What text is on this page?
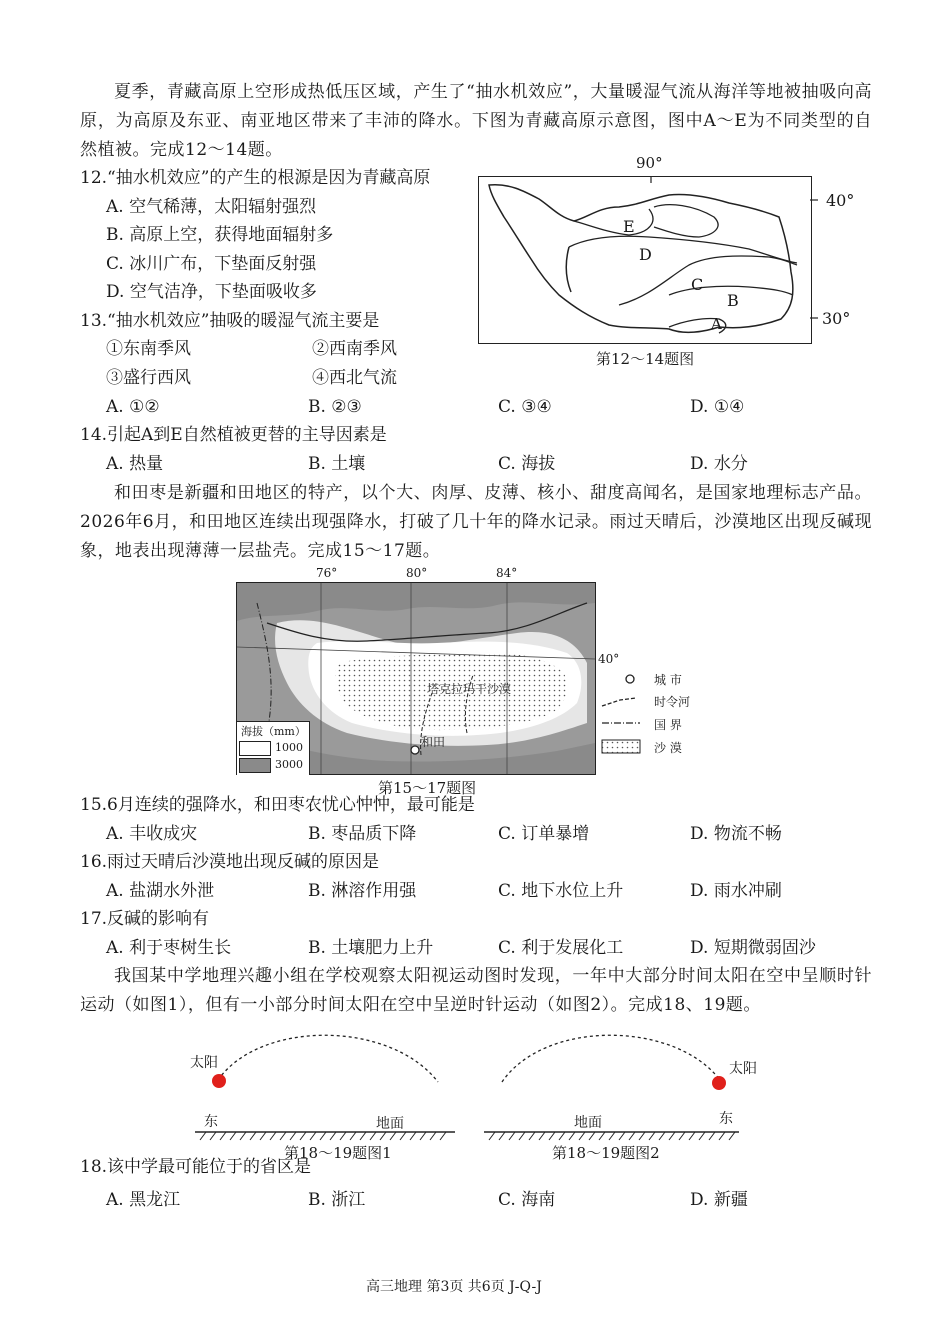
夏季，青藏高原上空形成热低压区域，产生了“抽水机效应”，大量暖湿气流从海洋等地被抽吸向高原，为高原及东亚、南亚地区带来了丰沛的降水。下图为青藏高原示意图，图中A～E为不同类型的自然植被。完成12～14题。
12.“抽水机效应”的产生的根源是因为青藏高原
A. 空气稀薄，太阳辐射强烈
B. 高原上空，获得地面辐射多
C. 冰川广布，下垫面反射强
D. 空气洁净，下垫面吸收多
13.“抽水机效应”抽吸的暖湿气流主要是
①东南季风	②西南季风
③盛行西风	④西北气流
A. ①②	B. ②③	C. ③④	D. ①④
14.引起A到E自然植被更替的主导因素是
A. 热量	B. 土壤	C. 海拔	D. 水分
90°
E
D
C
B
A
40°
30°
第12～14题图
和田枣是新疆和田地区的特产，以个大、肉厚、皮薄、核小、甜度高闻名，是国家地理标志产品。2026年6月，和田地区连续出现强降水，打破了几十年的降水记录。雨过天晴后，沙漠地区出现反碱现象，地表出现薄薄一层盐壳。完成15～17题。
76°	80°	84°
塔克拉玛干沙漠
和田
海拔（mm）
1000
3000
40°
城 市
时令河
国 界
沙 漠
第15～17题图
15.6月连续的强降水，和田枣农忧心忡忡，最可能是
A. 丰收成灾	B. 枣品质下降	C. 订单暴增	D. 物流不畅
16.雨过天晴后沙漠地出现反碱的原因是
A. 盐湖水外泄	B. 淋溶作用强	C. 地下水位上升	D. 雨水冲刷
17.反碱的影响有
A. 利于枣树生长	B. 土壤肥力上升	C. 利于发展化工	D. 短期微弱固沙
我国某中学地理兴趣小组在学校观察太阳视运动图时发现，一年中大部分时间太阳在空中呈顺时针运动（如图1），但有一小部分时间太阳在空中呈逆时针运动（如图2）。完成18、19题。
太阳
东	地面
第18～19题图1
太阳
东
地面
第18～19题图2
18.该中学最可能位于的省区是
A. 黑龙江	B. 浙江	C. 海南	D. 新疆
高三地理 第3页 共6页 J-Q-J
